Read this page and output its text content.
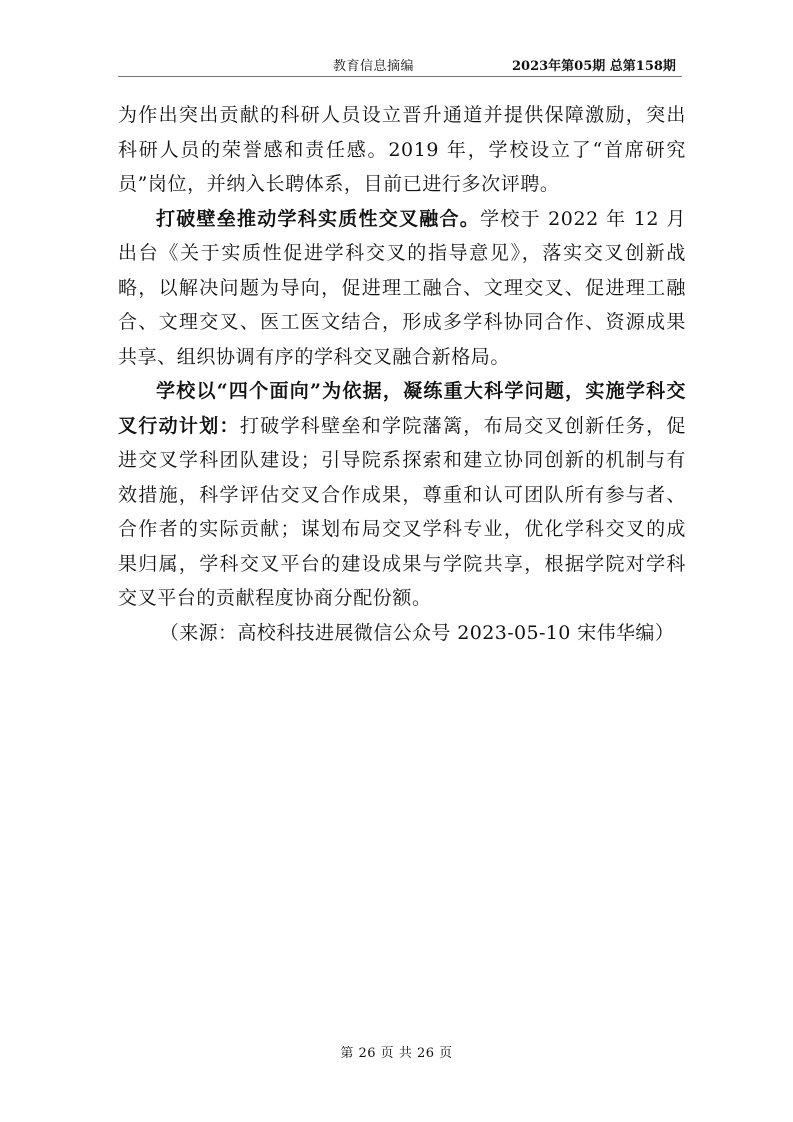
教育信息摘编	2023年第05期 总第158期

为作出突出贡献的科研人员设立晋升通道并提供保障激励，突出科研人员的荣誉感和责任感。2019 年，学校设立了“首席研究员”岗位，并纳入长聘体系，目前已进行多次评聘。

打破壁垒推动学科实质性交叉融合。学校于 2022 年 12 月出台《关于实质性促进学科交叉的指导意见》，落实交叉创新战略，以解决问题为导向，促进理工融合、文理交叉、促进理工融合、文理交叉、医工医文结合，形成多学科协同合作、资源成果共享、组织协调有序的学科交叉融合新格局。

学校以“四个面向”为依据，凝练重大科学问题，实施学科交叉行动计划：打破学科壁垒和学院藩篱，布局交叉创新任务，促进交叉学科团队建设；引导院系探索和建立协同创新的机制与有效措施，科学评估交叉合作成果，尊重和认可团队所有参与者、合作者的实际贡献；谋划布局交叉学科专业，优化学科交叉的成果归属，学科交叉平台的建设成果与学院共享，根据学院对学科交叉平台的贡献程度协商分配份额。

（来源：高校科技进展微信公众号 2023-05-10 宋伟华编）

第 26 页 共 26 页
